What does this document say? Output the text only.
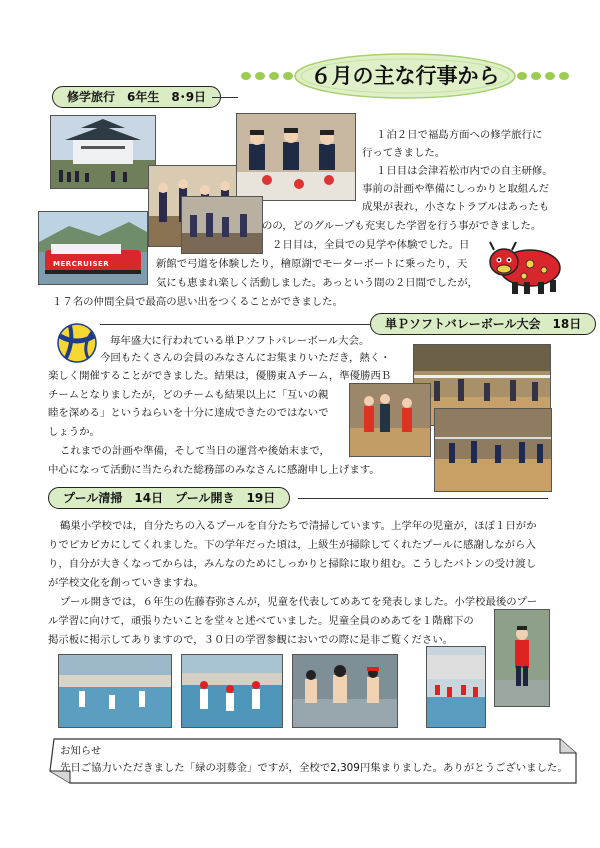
６月の主な行事から
修学旅行　6年生　8･9日
MERCRUISER
１泊２日で福島方面への修学旅行に
行ってきました。
１日目は会津若松市内での自主研修。
事前の計画や準備にしっかりと取組んだ
成果が表れ，小さなトラブルはあったも
のの，どのグループも充実した学習を行う事ができました。
２日目は，全員での見学や体験でした。日
新館で弓道を体験したり，檜原湖でモーターボートに乗ったり，天
気にも恵まれ楽しく活動しました。あっという間の２日間でしたが，
１７名の仲間全員で最高の思い出をつくることができました。
単Ｐソフトバレーボール大会　18日
毎年盛大に行われている単Ｐソフトバレーボール大会。
今回もたくさんの会員のみなさんにお集まりいただき，熱く・
楽しく開催することができました。結果は，優勝東Ａチーム，準優勝西Ｂ
チームとなりましたが，どのチームも結果以上に「互いの親
睦を深める」というねらいを十分に達成できたのではないで
しょうか。
これまでの計画や準備，そして当日の運営や後始末まで，
中心になって活動に当たられた総務部のみなさんに感謝申し上げます。
プール清掃　14日　プール開き　19日
鶴巣小学校では，自分たちの入るプールを自分たちで清掃しています。上学年の児童が，ほぼ１日がか
りでピカピカにしてくれました。下の学年だった頃は，上級生が掃除してくれたプールに感謝しながら入
り，自分が大きくなってからは，みんなのためにしっかりと掃除に取り組む。こうしたバトンの受け渡し
が学校文化を創っていきますね。
プール開きでは，６年生の佐藤春弥さんが，児童を代表してめあてを発表しました。小学校最後のプー
ル学習に向けて，頑張りたいことを堂々と述べていました。児童全員のめあてを１階廊下の
掲示板に掲示してありますので，３０日の学習参観においでの際に是非ご覧ください。
お知らせ
先日ご協力いただきました「緑の羽募金」ですが，全校で2,309円集まりました。ありがとうございました。
